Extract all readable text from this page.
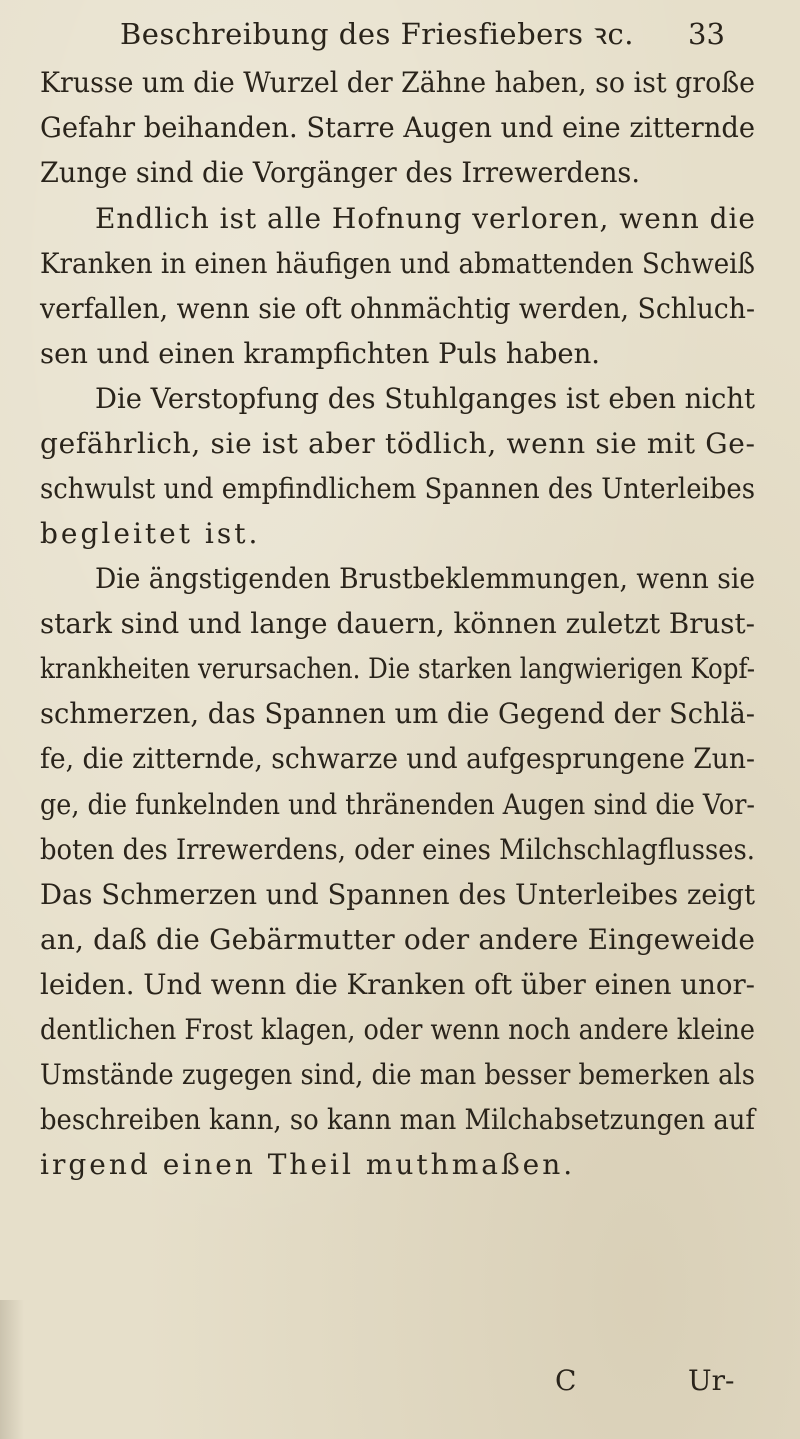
Beschreibung des Friesfiebers ꝛc. 33
Krusse um die Wurzel der Zähne haben, so ist große
Gefahr beihanden. Starre Augen und eine zitternde
Zunge sind die Vorgänger des Irrewerdens.
Endlich ist alle Hofnung verloren, wenn die
Kranken in einen häufigen und abmattenden Schweiß
verfallen, wenn sie oft ohnmächtig werden, Schluch-
sen und einen krampfichten Puls haben.
Die Verstopfung des Stuhlganges ist eben nicht
gefährlich, sie ist aber tödlich, wenn sie mit Ge-
schwulst und empfindlichem Spannen des Unterleibes
begleitet ist.
Die ängstigenden Brustbeklemmungen, wenn sie
stark sind und lange dauern, können zuletzt Brust-
krankheiten verursachen. Die starken langwierigen Kopf-
schmerzen, das Spannen um die Gegend der Schlä-
fe, die zitternde, schwarze und aufgesprungene Zun-
ge, die funkelnden und thränenden Augen sind die Vor-
boten des Irrewerdens, oder eines Milchschlagflusses.
Das Schmerzen und Spannen des Unterleibes zeigt
an, daß die Gebärmutter oder andere Eingeweide
leiden. Und wenn die Kranken oft über einen unor-
dentlichen Frost klagen, oder wenn noch andere kleine
Umstände zugegen sind, die man besser bemerken als
beschreiben kann, so kann man Milchabsetzungen auf
irgend einen Theil muthmaßen.
C	Ur-
